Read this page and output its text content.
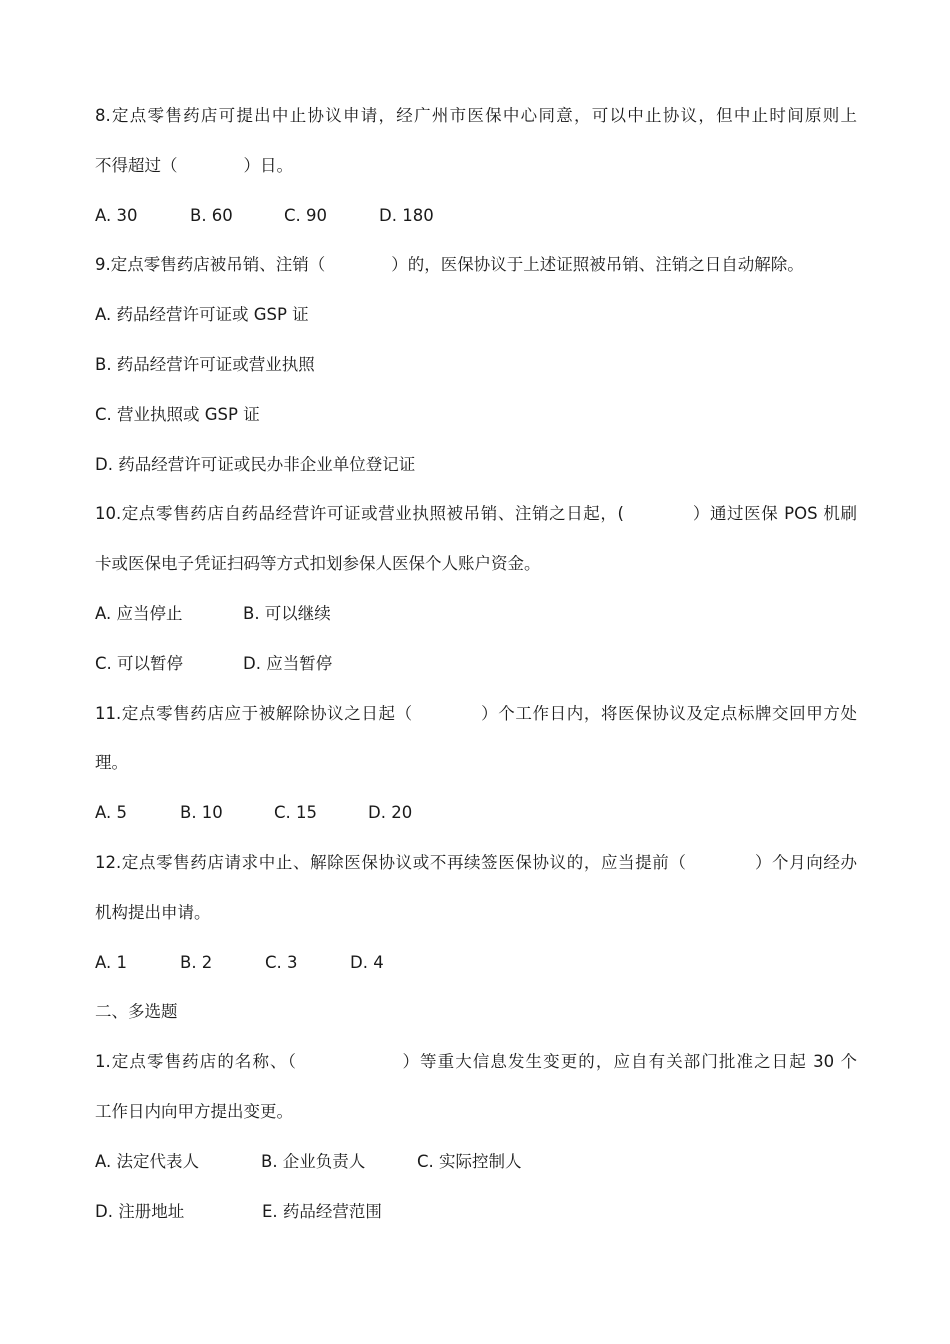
8.定点零售药店可提出中止协议申请，经广州市医保中心同意，可以中止协议，但中止时间原则上
不得超过（　　　　）日。
A. 30	B. 60	C. 90	D. 180
9.定点零售药店被吊销、注销（　　　　）的，医保协议于上述证照被吊销、注销之日自动解除。
A. 药品经营许可证或 GSP 证
B. 药品经营许可证或营业执照
C. 营业执照或 GSP 证
D. 药品经营许可证或民办非企业单位登记证
10.定点零售药店自药品经营许可证或营业执照被吊销、注销之日起，(　　　　）通过医保 POS 机刷
卡或医保电子凭证扫码等方式扣划参保人医保个人账户资金。
A. 应当停止	B. 可以继续
C. 可以暂停	D. 应当暂停
11.定点零售药店应于被解除协议之日起（　　　　）个工作日内，将医保协议及定点标牌交回甲方处
理。
A. 5	B. 10	C. 15	D. 20
12.定点零售药店请求中止、解除医保协议或不再续签医保协议的，应当提前（　　　　）个月向经办
机构提出申请。
A. 1	B. 2	C. 3	D. 4
二、多选题
1.定点零售药店的名称、（　　　　　　）等重大信息发生变更的，应自有关部门批准之日起 30 个
工作日内向甲方提出变更。
A. 法定代表人	B. 企业负责人	C. 实际控制人
D. 注册地址	E. 药品经营范围
